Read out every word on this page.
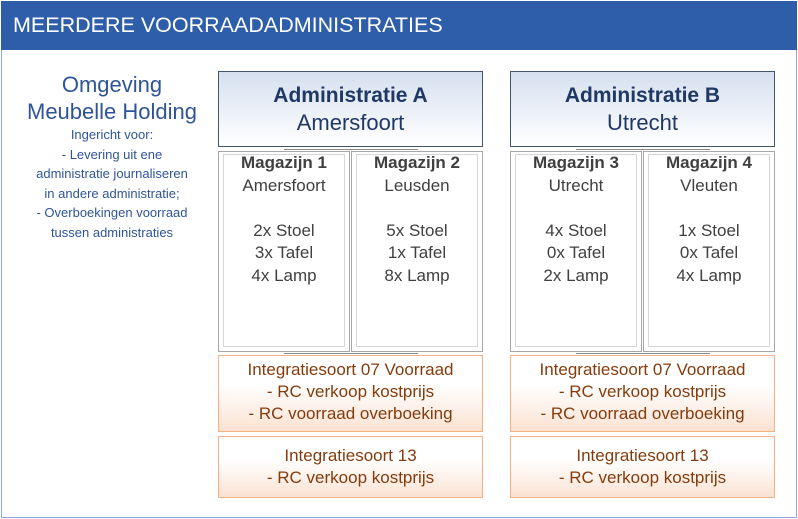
MEERDERE VOORRAADADMINISTRATIES
Omgeving
Meubelle Holding
Ingericht voor:
- Levering uit ene
administratie journaliseren
in andere administratie;
- Overboekingen voorraad
tussen administraties
Administratie A
Amersfoort
Magazijn 1
Amersfoort
2x Stoel
3x Tafel
4x Lamp
Magazijn 2
Leusden
5x Stoel
1x Tafel
8x Lamp
Integratiesoort 07 Voorraad
- RC verkoop kostprijs
- RC voorraad overboeking
Integratiesoort 13
- RC verkoop kostprijs
Administratie B
Utrecht
Magazijn 3
Utrecht
4x Stoel
0x Tafel
2x Lamp
Magazijn 4
Vleuten
1x Stoel
0x Tafel
4x Lamp
Integratiesoort 07 Voorraad
- RC verkoop kostprijs
- RC voorraad overboeking
Integratiesoort 13
- RC verkoop kostprijs
